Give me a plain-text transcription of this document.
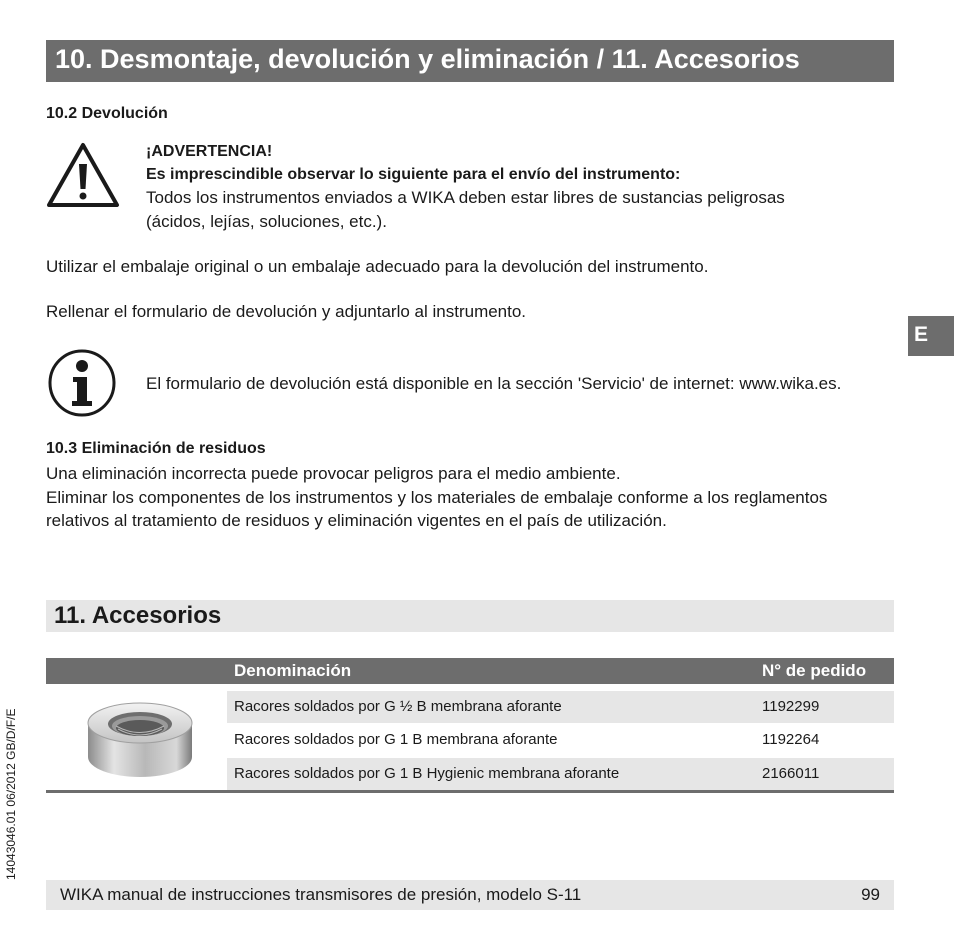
10. Desmontaje, devolución y eliminación / 11. Accesorios
10.2 Devolución
¡ADVERTENCIA!
Es imprescindible observar lo siguiente para el envío del instrumento:
Todos los instrumentos enviados a WIKA deben estar libres de sustancias peligrosas
(ácidos, lejías, soluciones, etc.).
Utilizar el embalaje original o un embalaje adecuado para la devolución del instrumento.
Rellenar el formulario de devolución y adjuntarlo al instrumento.
El formulario de devolución está disponible en la sección 'Servicio' de internet: www.wika.es.
E
10.3 Eliminación de residuos
Una eliminación incorrecta puede provocar peligros para el medio ambiente.
Eliminar los componentes de los instrumentos y los materiales de embalaje conforme a los reglamentos
relativos al tratamiento de residuos y eliminación vigentes en el país de utilización.
11. Accesorios
Denominación	N° de pedido
Racores soldados por G ½ B membrana aforante	1192299
Racores soldados por G 1 B membrana aforante	1192264
Racores soldados por G 1 B Hygienic membrana aforante	2166011
14043046.01 06/2012 GB/D/F/E
WIKA manual de instrucciones transmisores de presión, modelo S-11	99
